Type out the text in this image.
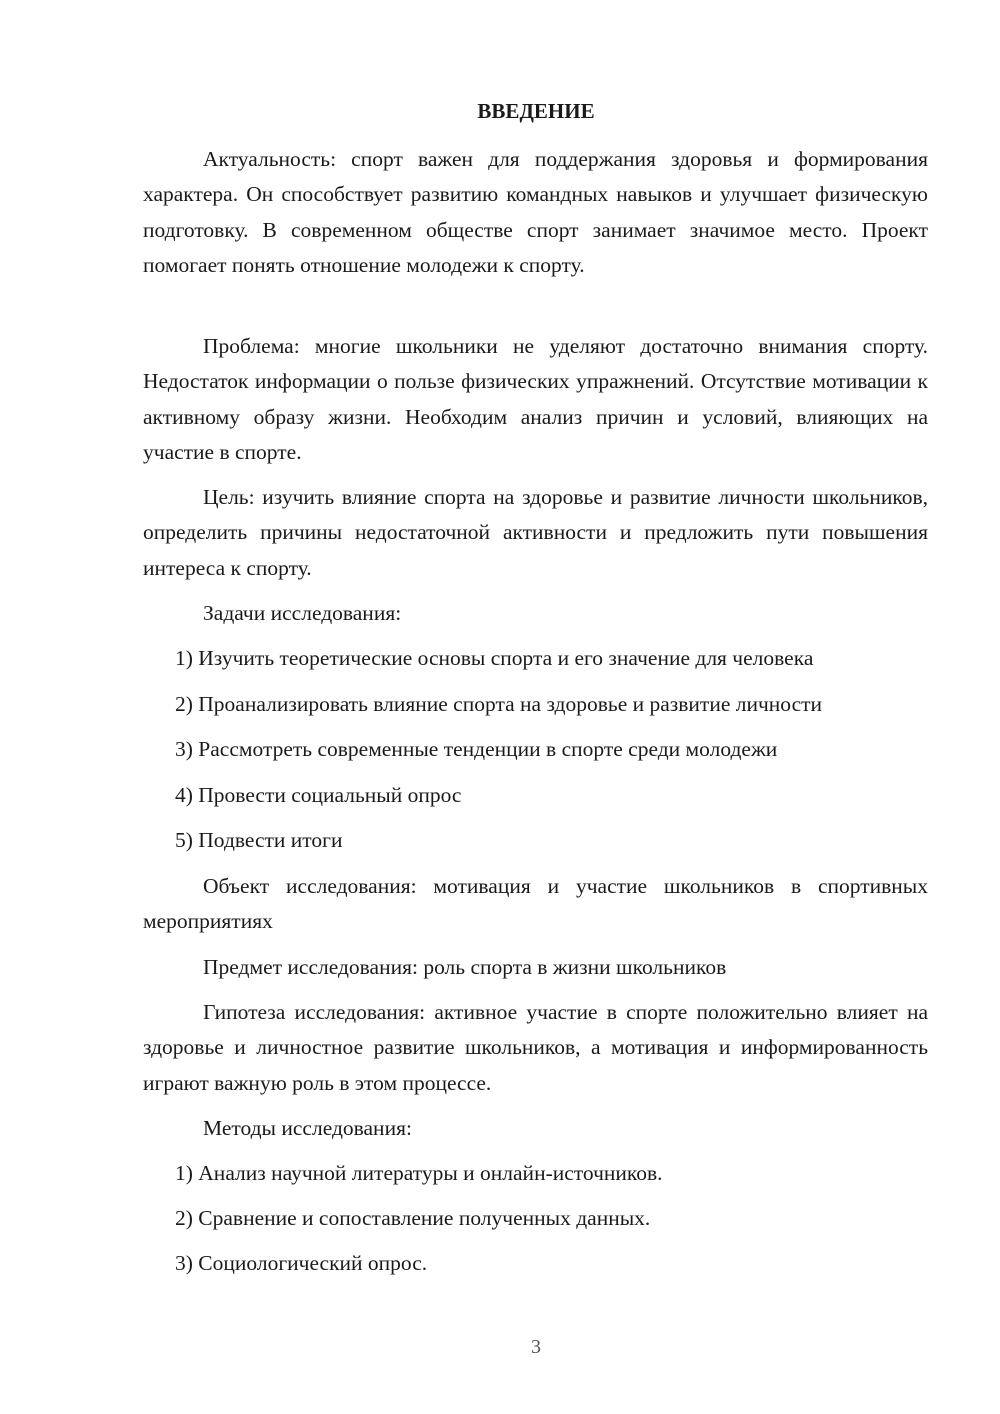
ВВЕДЕНИЕ

Актуальность: спорт важен для поддержания здоровья и формирования характера. Он способствует развитию командных навыков и улучшает физическую подготовку. В современном обществе спорт занимает значимое место. Проект помогает понять отношение молодежи к спорту.

Проблема: многие школьники не уделяют достаточно внимания спорту. Недостаток информации о пользе физических упражнений. Отсутствие мотивации к активному образу жизни. Необходим анализ причин и условий, влияющих на участие в спорте.

Цель: изучить влияние спорта на здоровье и развитие личности школьников, определить причины недостаточной активности и предложить пути повышения интереса к спорту.

Задачи исследования:

1) Изучить теоретические основы спорта и его значение для человека

2) Проанализировать влияние спорта на здоровье и развитие личности

3) Рассмотреть современные тенденции в спорте среди молодежи

4) Провести социальный опрос

5) Подвести итоги

Объект исследования: мотивация и участие школьников в спортивных мероприятиях

Предмет исследования: роль спорта в жизни школьников

Гипотеза исследования: активное участие в спорте положительно влияет на здоровье и личностное развитие школьников, а мотивация и информированность играют важную роль в этом процессе.

Методы исследования:

1) Анализ научной литературы и онлайн-источников.

2) Сравнение и сопоставление полученных данных.

3) Социологический опрос.

3
